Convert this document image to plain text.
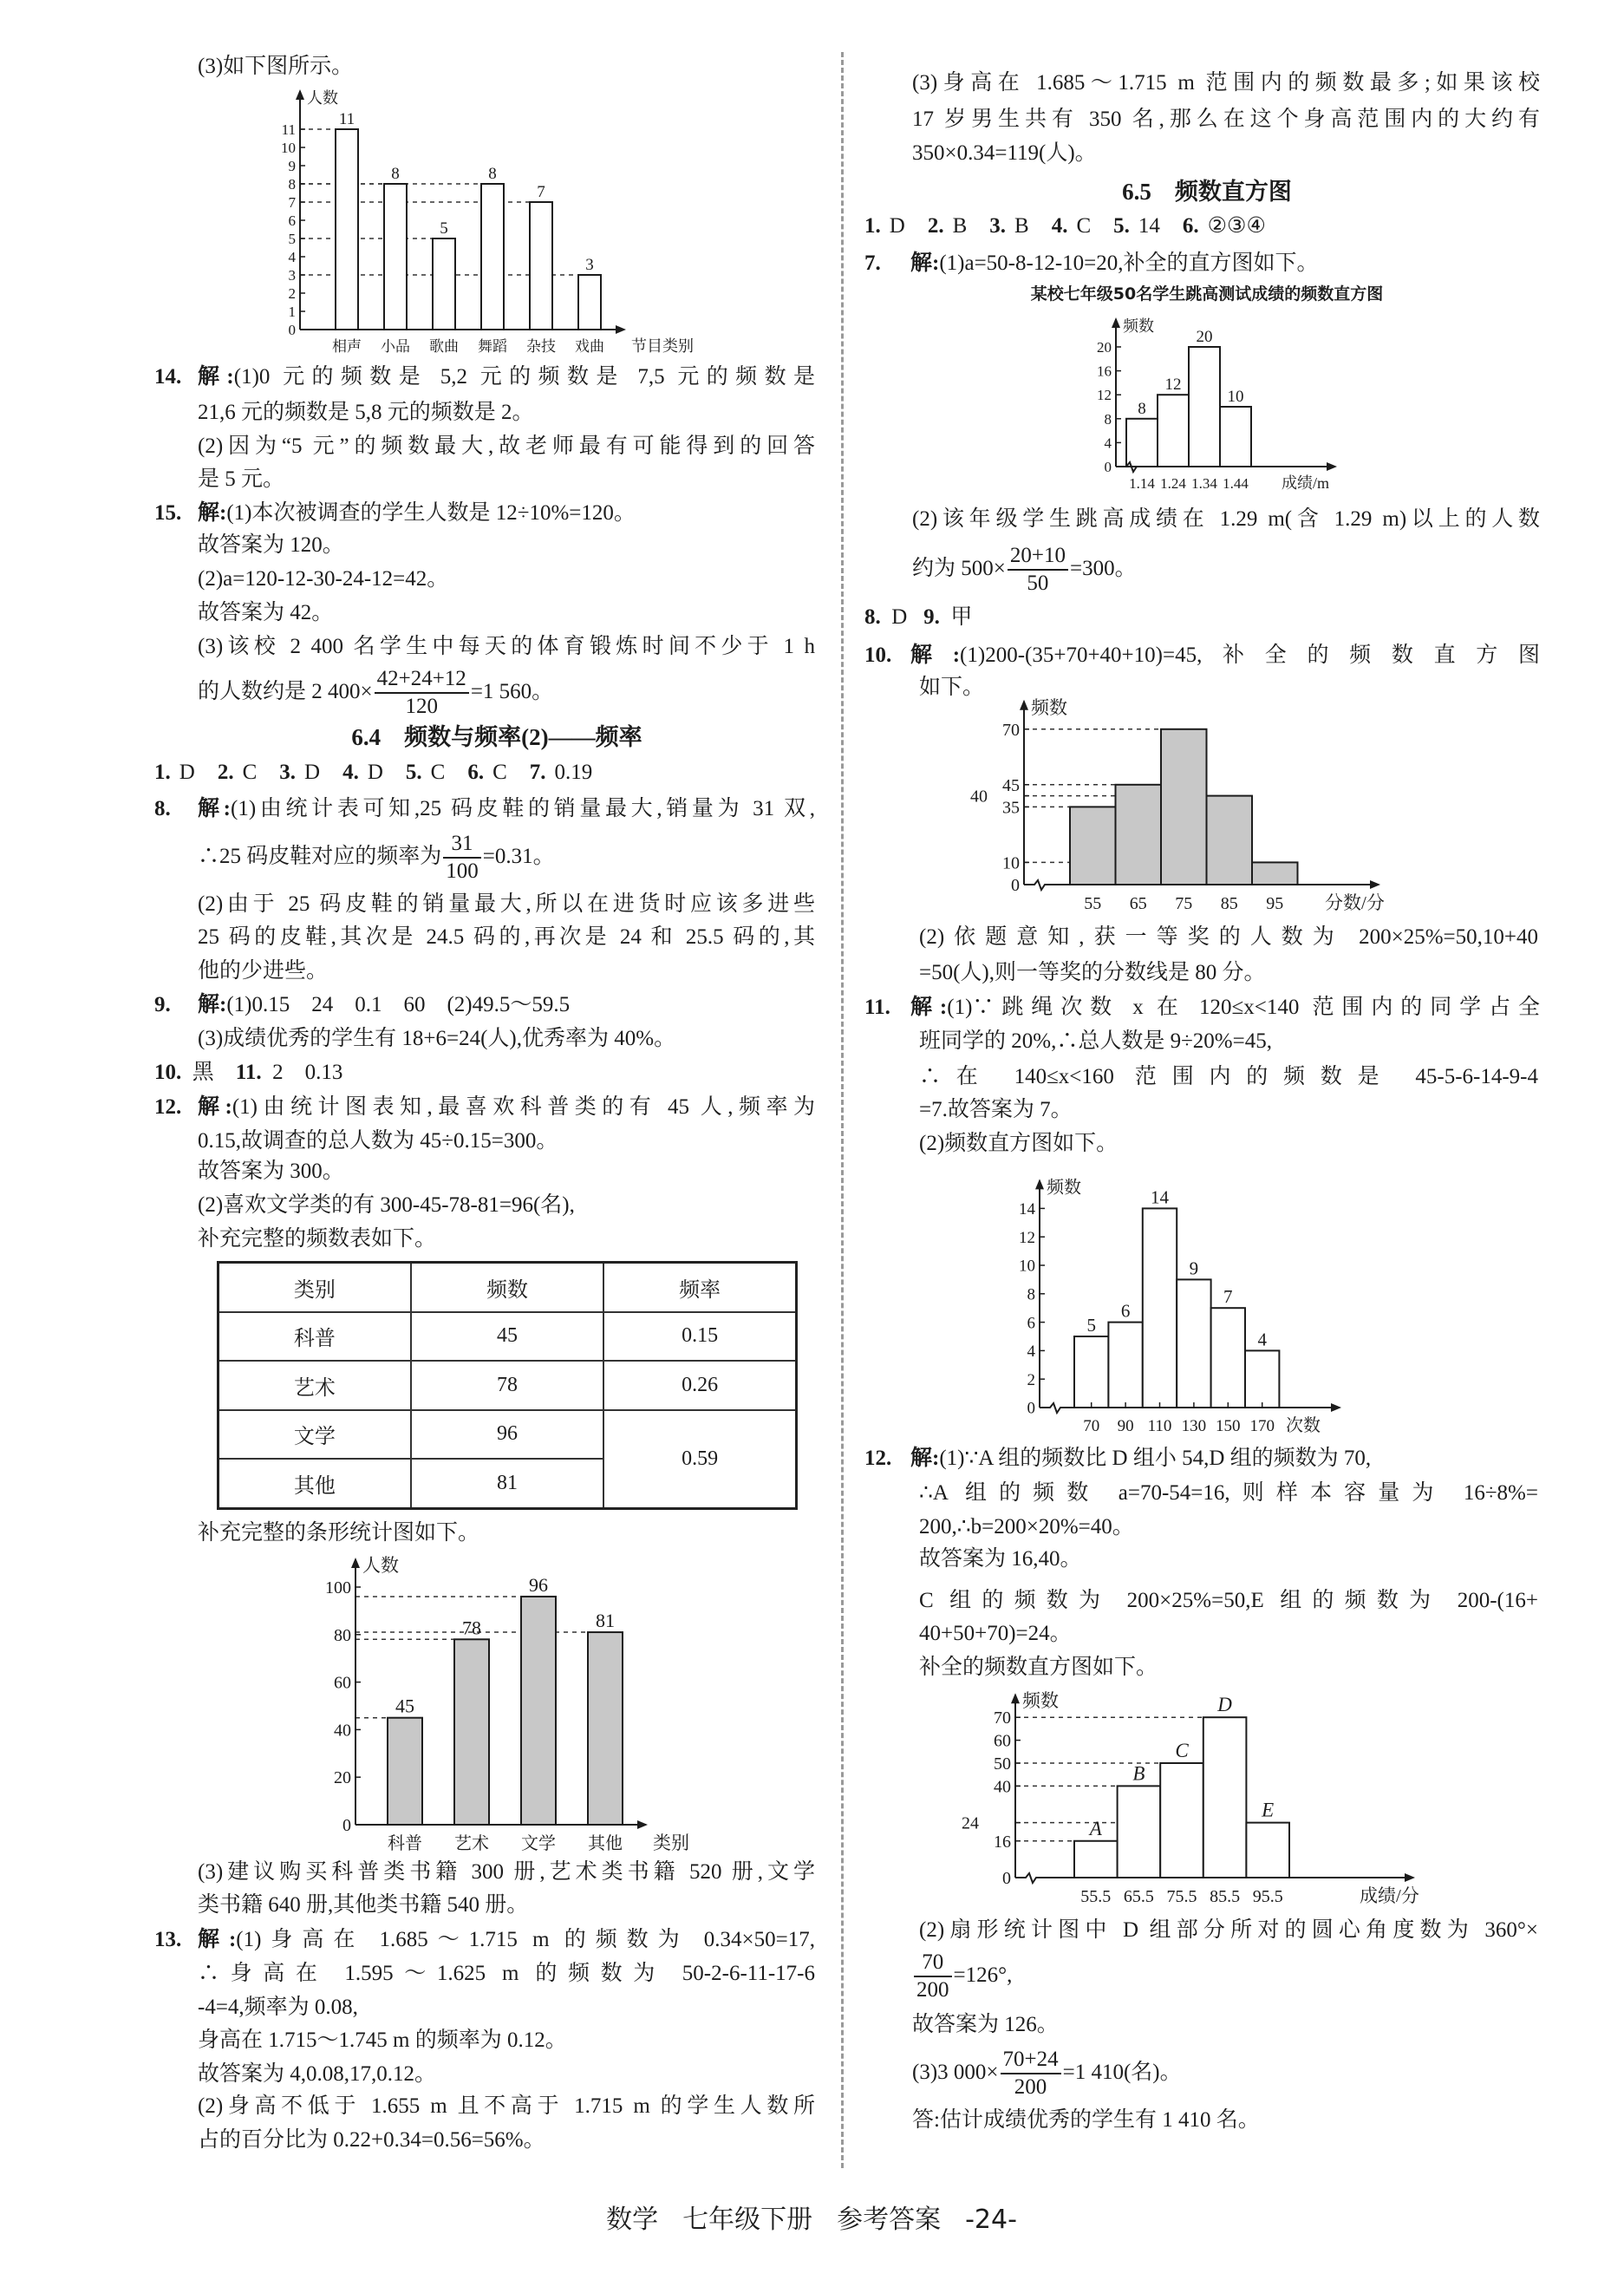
(3)如下图所示。
11
相声
8
小品
5
歌曲
8
舞蹈
7
杂技
3
戏曲
0
1
2
3
4
5
6
7
8
9
10
11
人数
节目类别
14. 解:(1)0 元的频数是 5,2 元的频数是 7,5 元的频数是
21,6 元的频数是 5,8 元的频数是 2。
(2)因为“5 元”的频数最大,故老师最有可能得到的回答
是 5 元。
15. 解:(1)本次被调查的学生人数是 12÷10%=120。
故答案为 120。
(2)a=120-12-30-24-12=42。
故答案为 42。
(3)该校 2 400 名学生中每天的体育锻炼时间不少于 1 h
的人数约是 2 $400\times \frac{42+24+12}{120} =1$ 560。
6.4　频数与频率(2)——频率
1. D 2. C 3. D 4. D 5. C 6. C 7. 0.19
8. 解:(1)由统计表可知,25 码皮鞋的销量最大,销量为 31 双,
∴25 码皮鞋对应的频率为 $\frac{31}{100} =0.31$。
(2)由于 25 码皮鞋的销量最大,所以在进货时应该多进些
25 码的皮鞋,其次是 24.5 码的,再次是 24 和 25.5 码的,其
他的少进些。
9. 解:(1)0.15　24　0.1　60　(2)49.5～59.5
(3)成绩优秀的学生有 18+6=24(人),优秀率为 40%。
10. 黑 11. 2　0.13
12. 解:(1)由统计图表知,最喜欢科普类的有 45 人,频率为
0.15,故调查的总人数为 45÷0.15=300。
故答案为 300。
(2)喜欢文学类的有 300-45-78-81=96(名),
补充完整的频数表如下。
类别	频数	频率
科普	45	0.15
艺术	78	0.26
文学	96	0.59
其他	81	
补充完整的条形统计图如下。
45
科普
78
艺术
96
文学
81
其他
0
20
40
60
80
100
人数
类别
(3)建议购买科普类书籍 300 册,艺术类书籍 520 册,文学
类书籍 640 册,其他类书籍 540 册。
13. 解:(1)身高在 1.685～1.715 m 的频数为 0.34×50=17,
∴身高在 1.595～1.625 m 的频数为 50-2-6-11-17-6
-4=4,频率为 0.08,
身高在 1.715～1.745 m 的频率为 0.12。
故答案为 4,0.08,17,0.12。
(2)身高不低于 1.655 m 且不高于 1.715 m 的学生人数所
占的百分比为 0.22+0.34=0.56=56%。
(3)身高在 1.685～1.715 m 范围内的频数最多;如果该校
17 岁男生共有 350 名,那么在这个身高范围内的大约有
350×0.34=119(人)。
6.5　频数直方图
1. D 2. B 3. B 4. C 5. 14 6. ②③④
7. 解:(1)a=50-8-12-10=20,补全的直方图如下。
某校七年级50名学生跳高测试成绩的频数直方图
8
1.14
12
1.24
20
1.34
10
1.44
0
4
8
12
16
20
频数
成绩/m
(2)该年级学生跳高成绩在 1.29 m(含 1.29 m)以上的人数
约为 $500\times \frac{20+10}{50} =300$。
8. D 9. 甲
10. 解:(1)200-(35+70+40+10)=45,补全的频数直方图
如下。
55 65 75 85 95
0
10
35
40
45
70
频数
分数/分
(2)依题意知,获一等奖的人数为 200×25%=50,10+40
=50(人),则一等奖的分数线是 80 分。
11. 解:(1)∵跳绳次数 x 在 120≤x<140 范围内的同学占全
班同学的 20%,∴总人数是 9÷20%=45,
∴在 140≤x<160 范围内的频数是 45-5-6-14-9-4
=7.故答案为 7。
(2)频数直方图如下。
5
70
6
90
14
110
9
130
7
150
4
170
0
2
4
6
8
10
12
14
频数
次数
12. 解:(1)∵A 组的频数比 D 组小 54,D 组的频数为 70,
∴A 组的频数 a=70-54=16,则样本容量为 16÷8%=
200,∴b=200×20%=40。
故答案为 16,40。
C 组的频数为 200×25%=50,E 组的频数为 200-(16+
40+50+70)=24。
补全的频数直方图如下。
A
55.5
B
65.5
C
75.5
D
85.5
E
95.5
0
16
24
40
50
60
70
频数
成绩/分
(2)扇形统计图中 D 组部分所对的圆心角度数为 360°×
$\frac{70}{200} =126^\circ$,
故答案为 126。
(3)3 $000\times \frac{70+24}{200} =1$ 410(名)。
答:估计成绩优秀的学生有 1 410 名。
数学 七年级下册 参考答案 -24-
